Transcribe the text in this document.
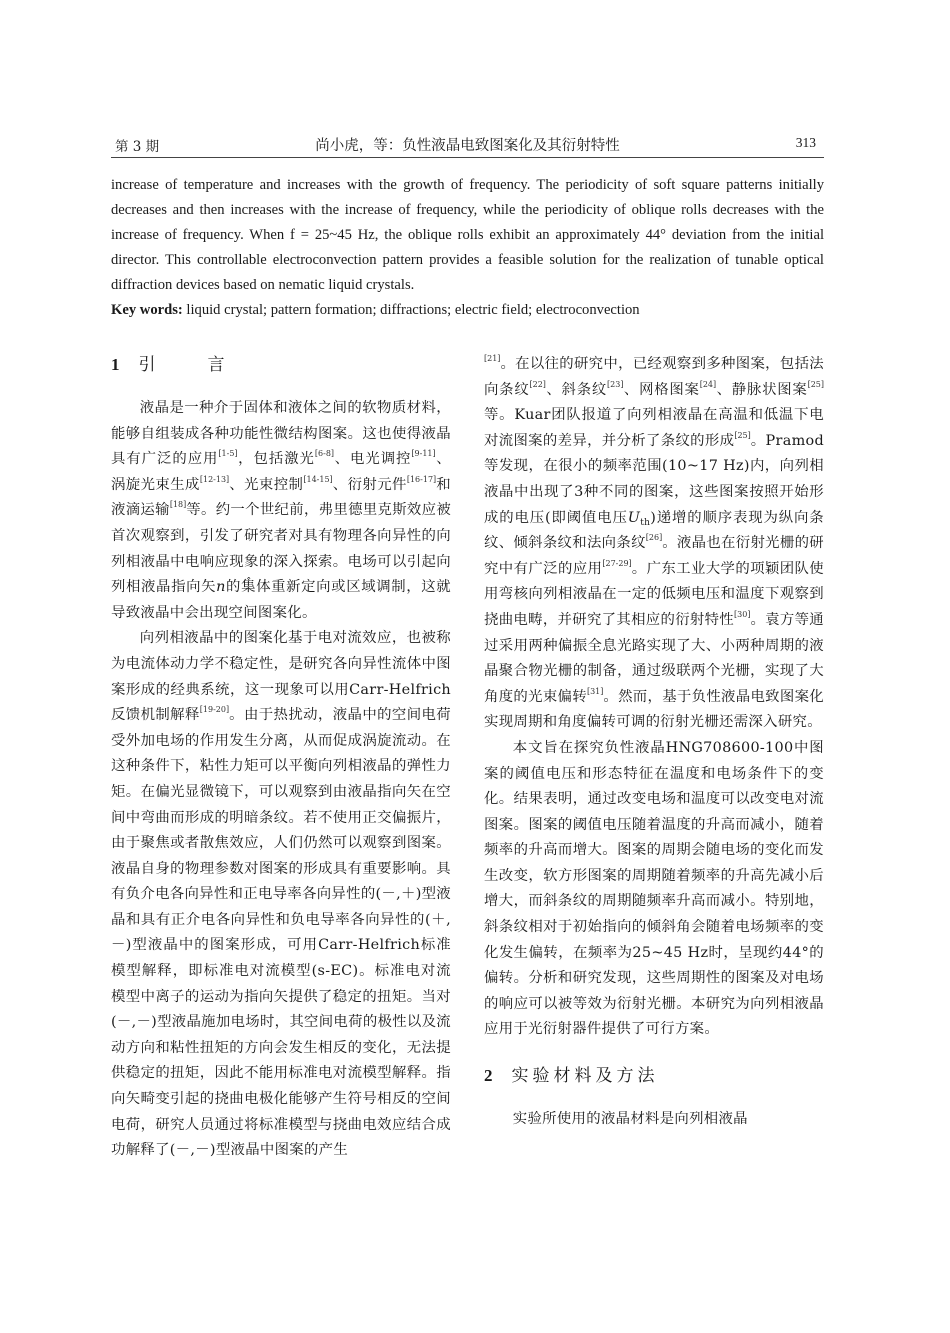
第 3 期	尚小虎，等：负性液晶电致图案化及其衍射特性	313
increase of temperature and increases with the growth of frequency. The periodicity of soft square patterns initially decreases and then increases with the increase of frequency, while the periodicity of oblique rolls decreases with the increase of frequency. When f = 25~45 Hz, the oblique rolls exhibit an approximately 44° deviation from the initial director. This controllable electroconvection pattern provides a feasible solution for the realization of tunable optical diffraction devices based on nematic liquid crystals.
Key words: liquid crystal; pattern formation; diffractions; electric field; electroconvection
1 引言

液晶是一种介于固体和液体之间的软物质材料，能够自组装成各种功能性微结构图案。这也使得液晶具有广泛的应用[1-5]，包括激光[6-8]、电光调控[9-11]、涡旋光束生成[12-13]、光束控制[14-15]、衍射元件[16-17]和液滴运输[18]等。约一个世纪前，弗里德里克斯效应被首次观察到，引发了研究者对具有物理各向异性的向列相液晶中电响应现象的深入探索。电场可以引起向列相液晶指向矢n ˆ的集体重新定向或区域调制，这就导致液晶中会出现空间图案化。

向列相液晶中的图案化基于电对流效应，也被称为电流体动力学不稳定性，是研究各向异性流体中图案形成的经典系统，这一现象可以用Carr-Helfrich反馈机制解释[19-20]。由于热扰动，液晶中的空间电荷受外加电场的作用发生分离，从而促成涡旋流动。在这种条件下，粘性力矩可以平衡向列相液晶的弹性力矩。在偏光显微镜下，可以观察到由液晶指向矢在空间中弯曲而形成的明暗条纹。若不使用正交偏振片，由于聚焦或者散焦效应，人们仍然可以观察到图案。液晶自身的物理参数对图案的形成具有重要影响。具有负介电各向异性和正电导率各向异性的(－,＋)型液晶和具有正介电各向异性和负电导率各向异性的(＋,－)型液晶中的图案形成，可用Carr-Helfrich标准模型解释，即标准电对流模型(s-EC)。标准电对流模型中离子的运动为指向矢提供了稳定的扭矩。当对(－,－)型液晶施加电场时，其空间电荷的极性以及流动方向和粘性扭矩的方向会发生相反的变化，无法提供稳定的扭矩，因此不能用标准电对流模型解释。指向矢畸变引起的挠曲电极化能够产生符号相反的空间电荷，研究人员通过将标准模型与挠曲电效应结合成功解释了(－,－)型液晶中图案的产生

[21]。在以往的研究中，已经观察到多种图案，包括法向条纹[22]、斜条纹[23]、网格图案[24]、静脉状图案[25]等。Kuar团队报道了向列相液晶在高温和低温下电对流图案的差异，并分析了条纹的形成[25]。Pramod等发现，在很小的频率范围(10~17 Hz)内，向列相液晶中出现了3种不同的图案，这些图案按照开始形成的电压(即阈值电压$U_{th}$)递增的顺序表现为纵向条纹、倾斜条纹和法向条纹[26]。液晶也在衍射光栅的研究中有广泛的应用[27-29]。广东工业大学的项颖团队使用弯核向列相液晶在一定的低频电压和温度下观察到挠曲电畴，并研究了其相应的衍射特性[30]。袁方等通过采用两种偏振全息光路实现了大、小两种周期的液晶聚合物光栅的制备，通过级联两个光栅，实现了大角度的光束偏转[31]。然而，基于负性液晶电致图案化实现周期和角度偏转可调的衍射光栅还需深入研究。

本文旨在探究负性液晶HNG708600-100中图案的阈值电压和形态特征在温度和电场条件下的变化。结果表明，通过改变电场和温度可以改变电对流图案。图案的阈值电压随着温度的升高而减小，随着频率的升高而增大。图案的周期会随电场的变化而发生改变，软方形图案的周期随着频率的升高先减小后增大，而斜条纹的周期随频率升高而减小。特别地，斜条纹相对于初始指向的倾斜角会随着电场频率的变化发生偏转，在频率为25~45 Hz时，呈现约44°的偏转。分析和研究发现，这些周期性的图案及对电场的响应可以被等效为衍射光栅。本研究为向列相液晶应用于光衍射器件提供了可行方案。

2 实验材料及方法

实验所使用的液晶材料是向列相液晶
